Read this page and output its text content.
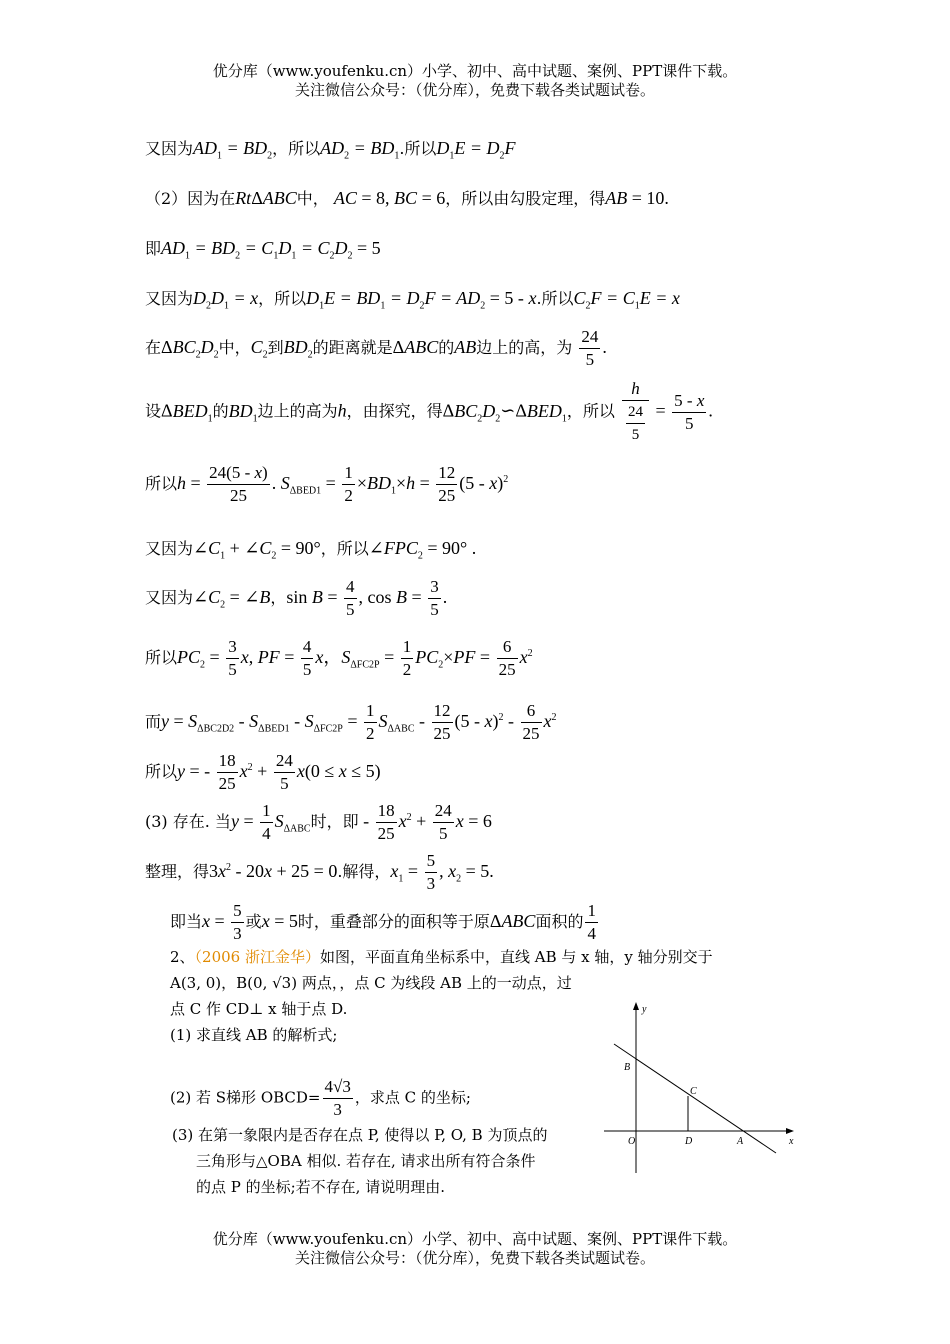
优分库（www.youfenku.cn）小学、初中、高中试题、案例、PPT课件下载。
关注微信公众号：（优分库），免费下载各类试题试卷。
又因为$AD_1 = BD_2$，所以$AD_2 = BD_1$.所以$D_1E = D_2F$
（2）因为在RtΔABC中， AC = 8, BC = 6，所以由勾股定理，得AB = 10.
即$AD_1 = BD_2 = C_1D_1 = C_2D_2 = 5$
又因为$D_2D_1 = x$，所以$D_1E = BD_1 = D_2F = AD_2 = 5 - x$.所以$C_2F = C_1E = x$
在$\Delta BC_2D_2$中，$C_2$到$BD_2$的距离就是ΔABC的AB边上的高，为 $\frac{24}{5}$ .
设$\Delta BED_1$的$BD_1$边上的高为h，由探究，得$\Delta BC_2D_2∽\Delta BED_1$，所以 $\frac{h}{\frac{24}{5}} = \frac{5 - x}{5}$ .
所以$h = \frac{24(5 - x)}{25}$ . $S_{\Delta BED1} = \frac{1}{2} \times BD_1\times h = \frac{12}{25} (5 - x)^2$
又因为$\angle C_1$ + $\angle C_2 = 90^\circ$，所以$\angle FPC_2 = 90^\circ$ .
又因为$\angle C_2$ = ∠B，$\sin B = \frac{4}{5}$ , $\cos B = \frac{3}{5}$ .
所以$PC_2 = \frac{3}{5} x$, PF = $\frac{4}{5}$ x，$S_{\Delta FC2P} = \frac{1}{2} PC_2\times PF = \frac{6}{25} x^2$
而$y = S_{\Delta BC2D2} - S_{\Delta BED1} - S_{\Delta FC2P} = \frac{1}{2} S_{\Delta ABC} - \frac{12}{25} (5 - x)^2 - \frac{6}{25} x^2$
所以y = - $\frac{18}{25} x^2 + \frac{24}{5} x(0 \le x \le 5)$
(3) 存在. 当$y = \frac{1}{4} S_{\Delta ABC}$时，即 - $\frac{18}{25} x^2 + \frac{24}{5}$ x = 6
整理，得$3x^2 - 20x + 25 = 0$.解得，$x_1 = \frac{5}{3}$ , $x_2 = 5$.
即当$x = \frac{5}{3}$ 或x = 5时，重叠部分的面积等于原ΔABC面积的 $\frac{1}{4}$
2、（2006 浙江金华）如图，平面直角坐标系中，直线 AB 与 x 轴，y 轴分别交于
A(3, 0)，B(0, √3) 两点，，点 C 为线段 AB 上的一动点，过
点 C 作 CD⊥ x 轴于点 D.
(1) 求直线 AB 的解析式;
(2) 若 S梯形 OBCD= $\frac{4√3}{3}$ ，求点 C 的坐标;
(3) 在第一象限内是否存在点 P, 使得以 P, O, B 为顶点的
三角形与△OBA 相似. 若存在, 请求出所有符合条件
的点 P 的坐标;若不存在, 请说明理由.
y
x
B
C
O	D	A
优分库（www.youfenku.cn）小学、初中、高中试题、案例、PPT课件下载。
关注微信公众号：（优分库），免费下载各类试题试卷。
